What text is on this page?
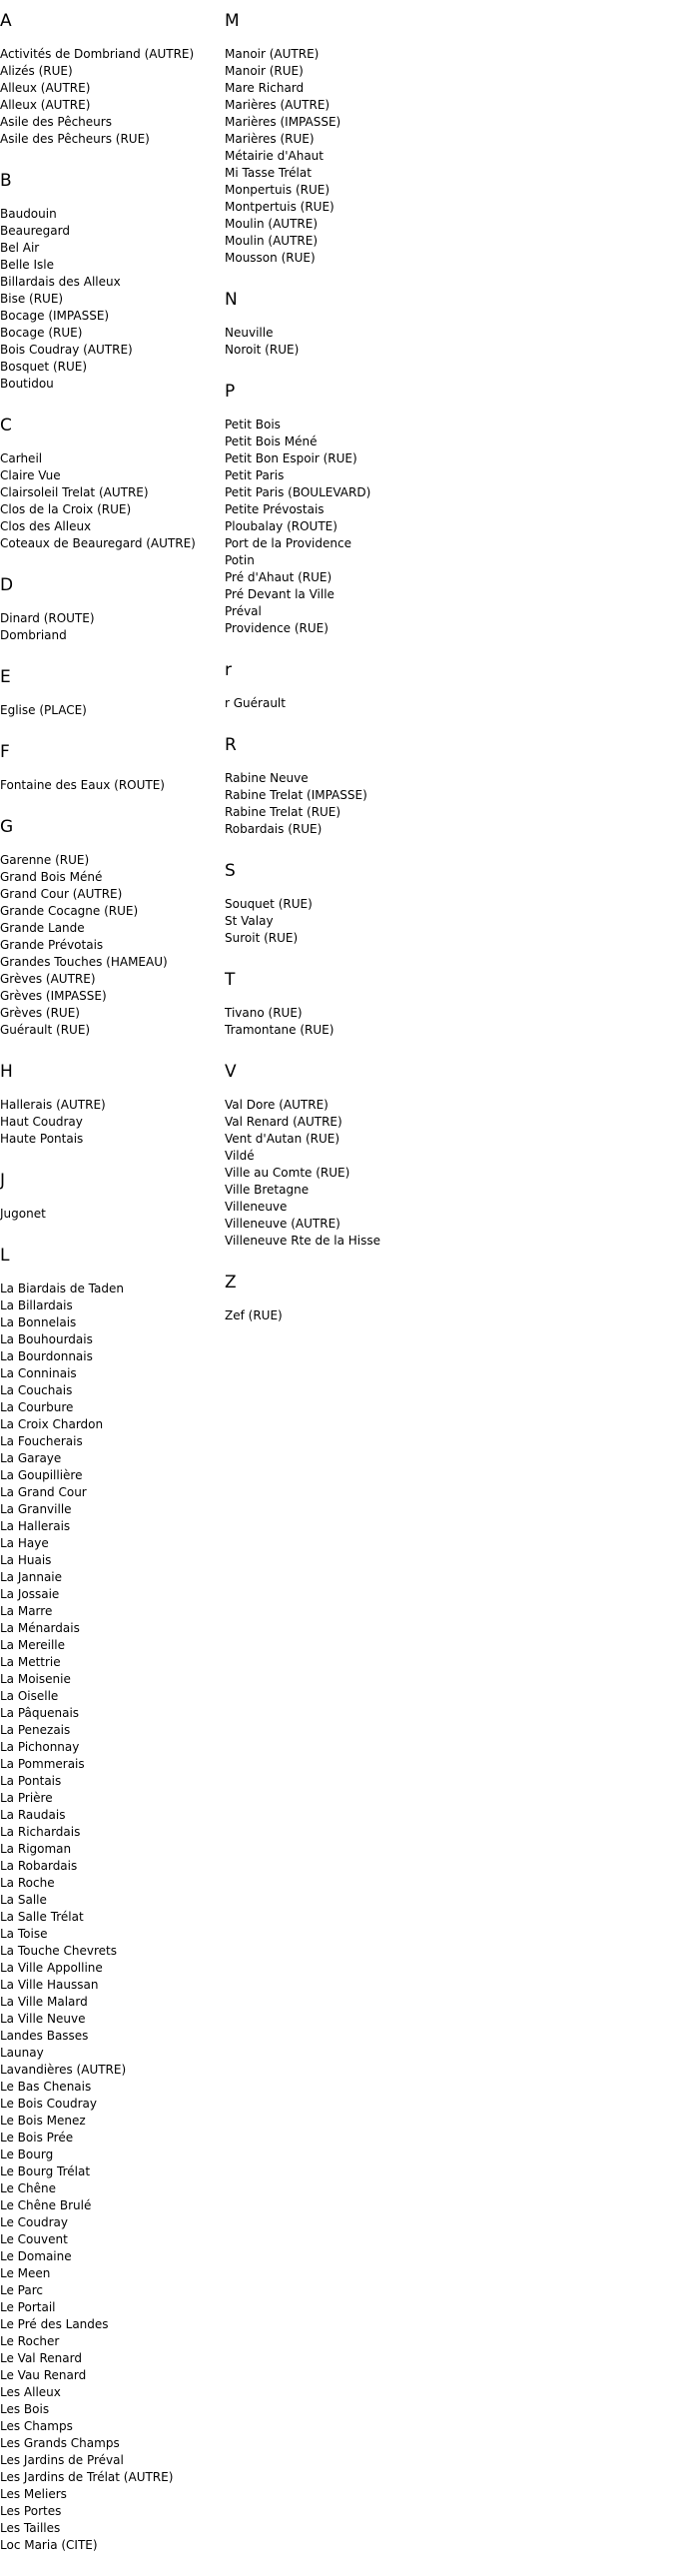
A
Activités de Dombriand (AUTRE)
Alizés (RUE)
Alleux (AUTRE)
Alleux (AUTRE)
Asile des Pêcheurs
Asile des Pêcheurs (RUE)
B
Baudouin
Beauregard
Bel Air
Belle Isle
Billardais des Alleux
Bise (RUE)
Bocage (IMPASSE)
Bocage (RUE)
Bois Coudray (AUTRE)
Bosquet (RUE)
Boutidou
C
Carheil
Claire Vue
Clairsoleil Trelat (AUTRE)
Clos de la Croix (RUE)
Clos des Alleux
Coteaux de Beauregard (AUTRE)
D
Dinard (ROUTE)
Dombriand
E
Eglise (PLACE)
F
Fontaine des Eaux (ROUTE)
G
Garenne (RUE)
Grand Bois Méné
Grand Cour (AUTRE)
Grande Cocagne (RUE)
Grande Lande
Grande Prévotais
Grandes Touches (HAMEAU)
Grèves (AUTRE)
Grèves (IMPASSE)
Grèves (RUE)
Guérault (RUE)
H
Hallerais (AUTRE)
Haut Coudray
Haute Pontais
J
Jugonet
L
La Biardais de Taden
La Billardais
La Bonnelais
La Bouhourdais
La Bourdonnais
La Conninais
La Couchais
La Courbure
La Croix Chardon
La Foucherais
La Garaye
La Goupillière
La Grand Cour
La Granville
La Hallerais
La Haye
La Huais
La Jannaie
La Jossaie
La Marre
La Ménardais
La Mereille
La Mettrie
La Moisenie
La Oiselle
La Pâquenais
La Penezais
La Pichonnay
La Pommerais
La Pontais
La Prière
La Raudais
La Richardais
La Rigoman
La Robardais
La Roche
La Salle
La Salle Trélat
La Toise
La Touche Chevrets
La Ville Appolline
La Ville Haussan
La Ville Malard
La Ville Neuve
Landes Basses
Launay
Lavandières (AUTRE)
Le Bas Chenais
Le Bois Coudray
Le Bois Menez
Le Bois Prée
Le Bourg
Le Bourg Trélat
Le Chêne
Le Chêne Brulé
Le Coudray
Le Couvent
Le Domaine
Le Meen
Le Parc
Le Portail
Le Pré des Landes
Le Rocher
Le Val Renard
Le Vau Renard
Les Alleux
Les Bois
Les Champs
Les Grands Champs
Les Jardins de Préval
Les Jardins de Trélat (AUTRE)
Les Meliers
Les Portes
Les Tailles
Loc Maria (CITE)
M
Manoir (AUTRE)
Manoir (RUE)
Mare Richard
Marières (AUTRE)
Marières (IMPASSE)
Marières (RUE)
Métairie d'Ahaut
Mi Tasse Trélat
Monpertuis (RUE)
Montpertuis (RUE)
Moulin (AUTRE)
Moulin (AUTRE)
Mousson (RUE)
N
Neuville
Noroit (RUE)
P
Petit Bois
Petit Bois Méné
Petit Bon Espoir (RUE)
Petit Paris
Petit Paris (BOULEVARD)
Petite Prévostais
Ploubalay (ROUTE)
Port de la Providence
Potin
Pré d'Ahaut (RUE)
Pré Devant la Ville
Préval
Providence (RUE)
r
r Guérault
R
Rabine Neuve
Rabine Trelat (IMPASSE)
Rabine Trelat (RUE)
Robardais (RUE)
S
Souquet (RUE)
St Valay
Suroit (RUE)
T
Tivano (RUE)
Tramontane (RUE)
V
Val Dore (AUTRE)
Val Renard (AUTRE)
Vent d'Autan (RUE)
Vildé
Ville au Comte (RUE)
Ville Bretagne
Villeneuve
Villeneuve (AUTRE)
Villeneuve Rte de la Hisse
Z
Zef (RUE)
